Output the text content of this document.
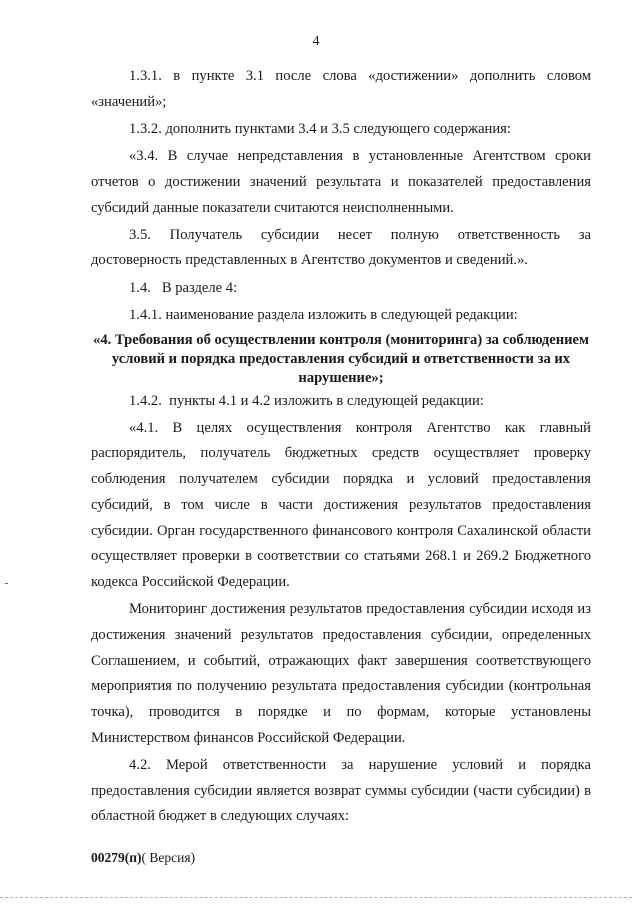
4

1.3.1. в пункте 3.1 после слова «достижении» дополнить словом «значений»;

1.3.2. дополнить пунктами 3.4 и 3.5 следующего содержания:

«3.4. В случае непредставления в установленные Агентством сроки отчетов о достижении значений результата и показателей предоставления субсидий данные показатели считаются неисполненными.

3.5. Получатель субсидии несет полную ответственность за достоверность представленных в Агентство документов и сведений.».

1.4.   В разделе 4:

1.4.1. наименование раздела изложить в следующей редакции:

«4. Требования об осуществлении контроля (мониторинга) за соблюдением условий и порядка предоставления субсидий и ответственности за их нарушение»;

1.4.2.  пункты 4.1 и 4.2 изложить в следующей редакции:

«4.1. В целях осуществления контроля Агентство как главный распорядитель, получатель бюджетных средств осуществляет проверку соблюдения получателем субсидии порядка и условий предоставления субсидий, в том числе в части достижения результатов предоставления субсидии. Орган государственного финансового контроля Сахалинской области осуществляет проверки в соответствии со статьями 268.1 и 269.2 Бюджетного кодекса Российской Федерации.

Мониторинг достижения результатов предоставления субсидии исходя из достижения значений результатов предоставления субсидии, определенных Соглашением, и событий, отражающих факт завершения соответствующего мероприятия по получению результата предоставления субсидии (контрольная точка), проводится в порядке и по формам, которые установлены Министерством финансов Российской Федерации.

4.2. Мерой ответственности за нарушение условий и порядка предоставления субсидии является возврат суммы субсидии (части субсидии) в областной бюджет в следующих случаях:

00279(п)( Версия)
